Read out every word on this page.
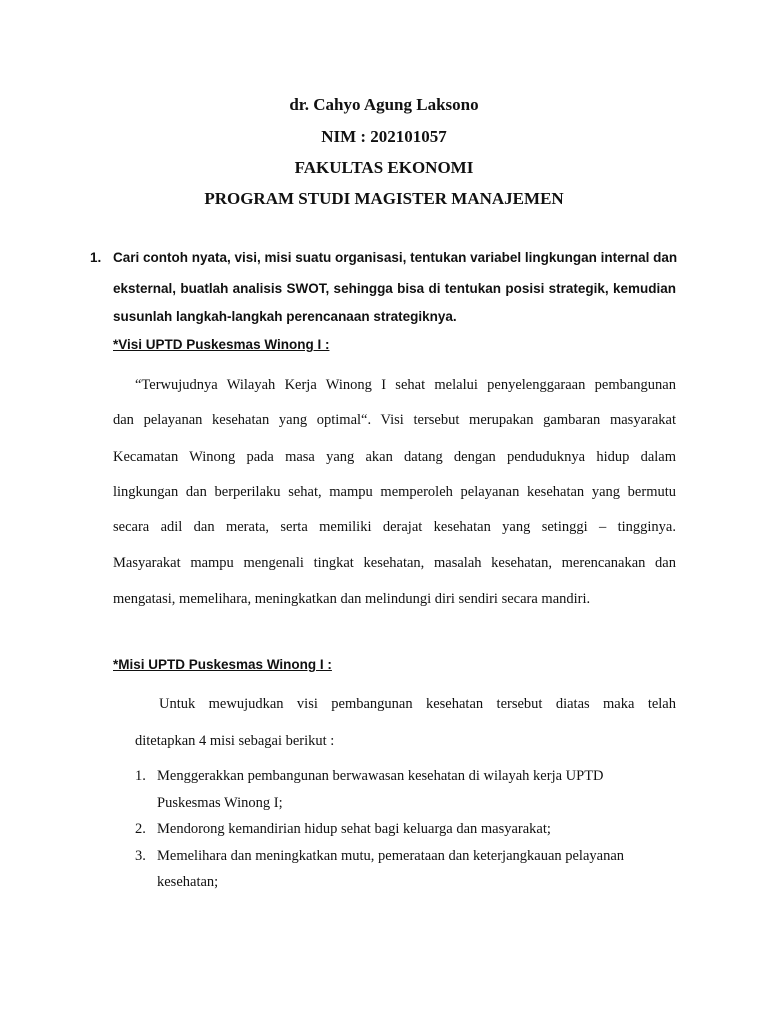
dr. Cahyo Agung Laksono
NIM : 202101057
FAKULTAS EKONOMI
PROGRAM STUDI MAGISTER MANAJEMEN
1. Cari contoh nyata, visi, misi suatu organisasi, tentukan variabel lingkungan internal dan
eksternal, buatlah analisis SWOT, sehingga bisa di tentukan posisi strategik, kemudian
susunlah langkah-langkah perencanaan strategiknya.
*Visi UPTD Puskesmas Winong I :
“Terwujudnya Wilayah Kerja Winong I sehat melalui penyelenggaraan pembangunan
dan pelayanan kesehatan yang optimal“. Visi tersebut merupakan gambaran masyarakat
Kecamatan Winong pada masa yang akan datang dengan penduduknya hidup dalam
lingkungan dan berperilaku sehat, mampu memperoleh pelayanan kesehatan yang bermutu
secara adil dan merata, serta memiliki derajat kesehatan yang setinggi – tingginya.
Masyarakat mampu mengenali tingkat kesehatan, masalah kesehatan, merencanakan dan
mengatasi, memelihara, meningkatkan dan melindungi diri sendiri secara mandiri.
*Misi UPTD Puskesmas Winong I :
Untuk mewujudkan visi pembangunan kesehatan tersebut diatas maka telah
ditetapkan 4 misi sebagai berikut :
1. Menggerakkan pembangunan berwawasan kesehatan di wilayah kerja UPTD
Puskesmas Winong I;
2. Mendorong kemandirian hidup sehat bagi keluarga dan masyarakat;
3. Memelihara dan meningkatkan mutu, pemerataan dan keterjangkauan pelayanan
kesehatan;
